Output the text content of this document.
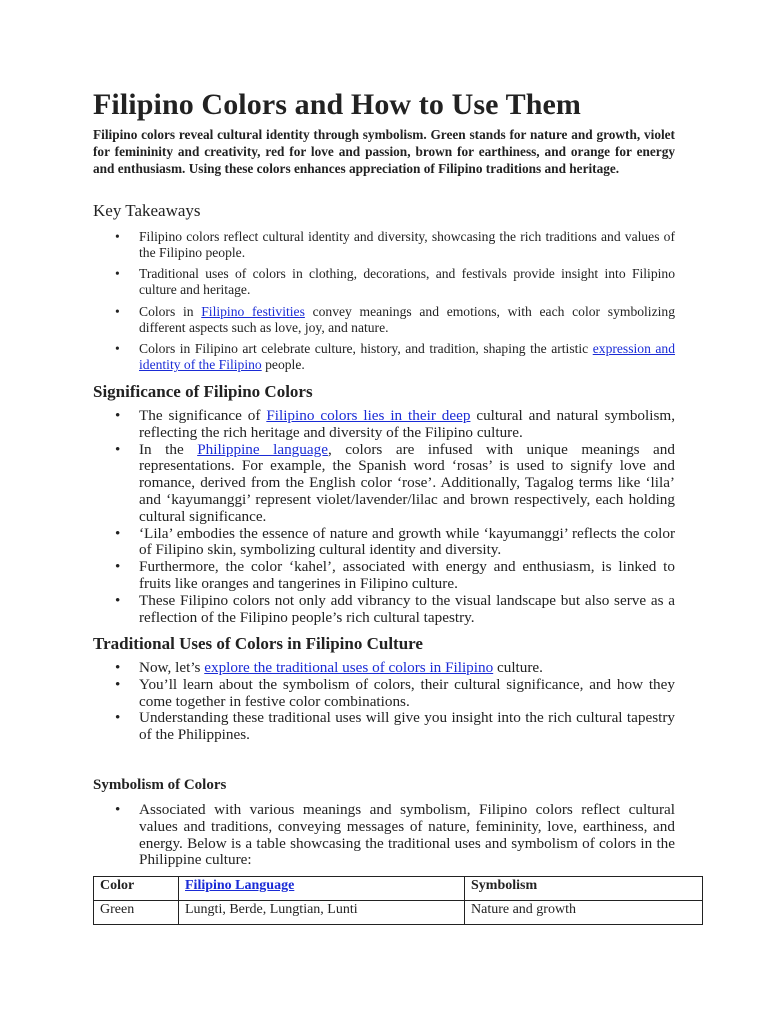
Filipino Colors and How to Use Them

Filipino colors reveal cultural identity through symbolism. Green stands for nature and growth, violet for femininity and creativity, red for love and passion, brown for earthiness, and orange for energy and enthusiasm. Using these colors enhances appreciation of Filipino traditions and heritage.

Key Takeaways
• Filipino colors reflect cultural identity and diversity, showcasing the rich traditions and values of the Filipino people.
• Traditional uses of colors in clothing, decorations, and festivals provide insight into Filipino culture and heritage.
• Colors in Filipino festivities convey meanings and emotions, with each color symbolizing different aspects such as love, joy, and nature.
• Colors in Filipino art celebrate culture, history, and tradition, shaping the artistic expression and identity of the Filipino people.
Significance of Filipino Colors
• The significance of Filipino colors lies in their deep cultural and natural symbolism, reflecting the rich heritage and diversity of the Filipino culture.
• In the Philippine language, colors are infused with unique meanings and representations. For example, the Spanish word ‘rosas’ is used to signify love and romance, derived from the English color ‘rose’. Additionally, Tagalog terms like ‘lila’ and ‘kayumanggi’ represent violet/lavender/lilac and brown respectively, each holding cultural significance.
• ‘Lila’ embodies the essence of nature and growth while ‘kayumanggi’ reflects the color of Filipino skin, symbolizing cultural identity and diversity.
• Furthermore, the color ‘kahel’, associated with energy and enthusiasm, is linked to fruits like oranges and tangerines in Filipino culture.
• These Filipino colors not only add vibrancy to the visual landscape but also serve as a reflection of the Filipino people’s rich cultural tapestry.
Traditional Uses of Colors in Filipino Culture
• Now, let’s explore the traditional uses of colors in Filipino culture.
• You’ll learn about the symbolism of colors, their cultural significance, and how they come together in festive color combinations.
• Understanding these traditional uses will give you insight into the rich cultural tapestry of the Philippines.
Symbolism of Colors
• Associated with various meanings and symbolism, Filipino colors reflect cultural values and traditions, conveying messages of nature, femininity, love, earthiness, and energy. Below is a table showcasing the traditional uses and symbolism of colors in the Philippine culture:
Color	Filipino Language	Symbolism
Green	Lungti, Berde, Lungtian, Lunti	Nature and growth
